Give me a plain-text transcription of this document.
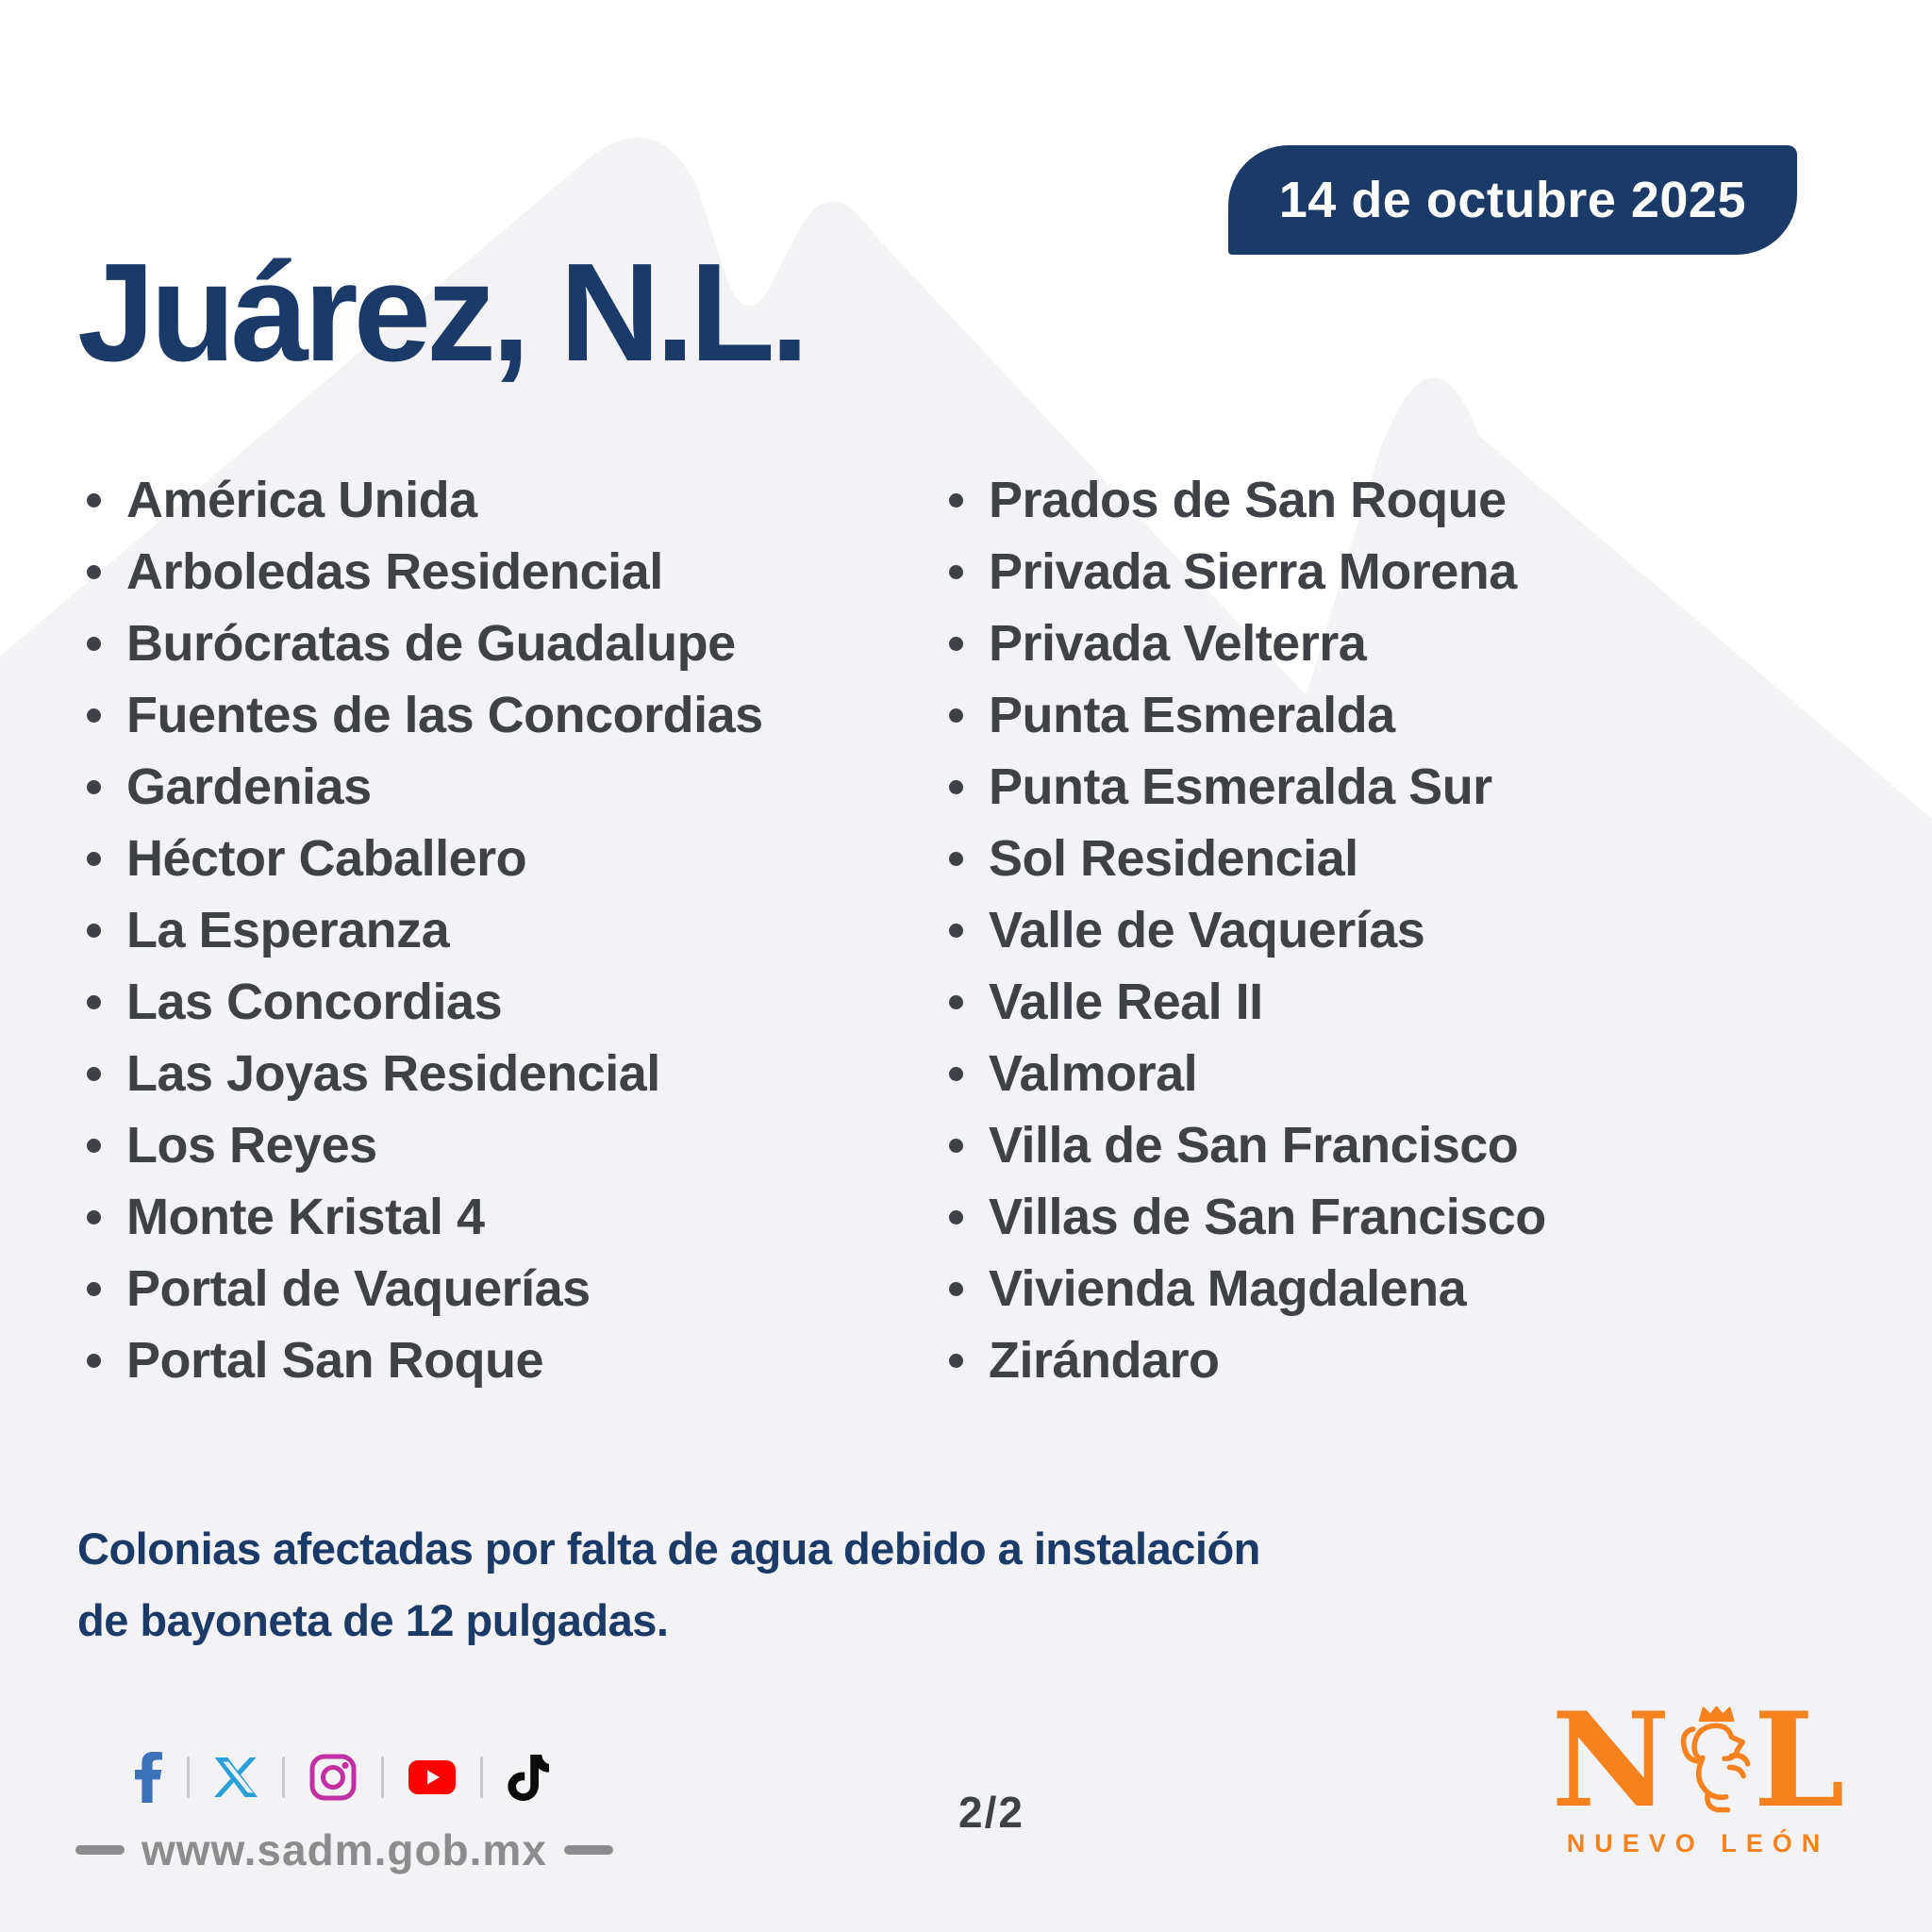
14 de octubre 2025
Juárez, N.L.
América Unida
Arboledas Residencial
Burócratas de Guadalupe
Fuentes de las Concordias
Gardenias
Héctor Caballero
La Esperanza
Las Concordias
Las Joyas Residencial
Los Reyes
Monte Kristal 4
Portal de Vaquerías
Portal San Roque
Prados de San Roque
Privada Sierra Morena
Privada Velterra
Punta Esmeralda
Punta Esmeralda Sur
Sol Residencial
Valle de Vaquerías
Valle Real II
Valmoral
Villa de San Francisco
Villas de San Francisco
Vivienda Magdalena
Zirándaro
Colonias afectadas por falta de agua debido a instalación
de bayoneta de 12 pulgadas.
www.sadm.gob.mx
2/2	N L
NUEVO LEÓN
